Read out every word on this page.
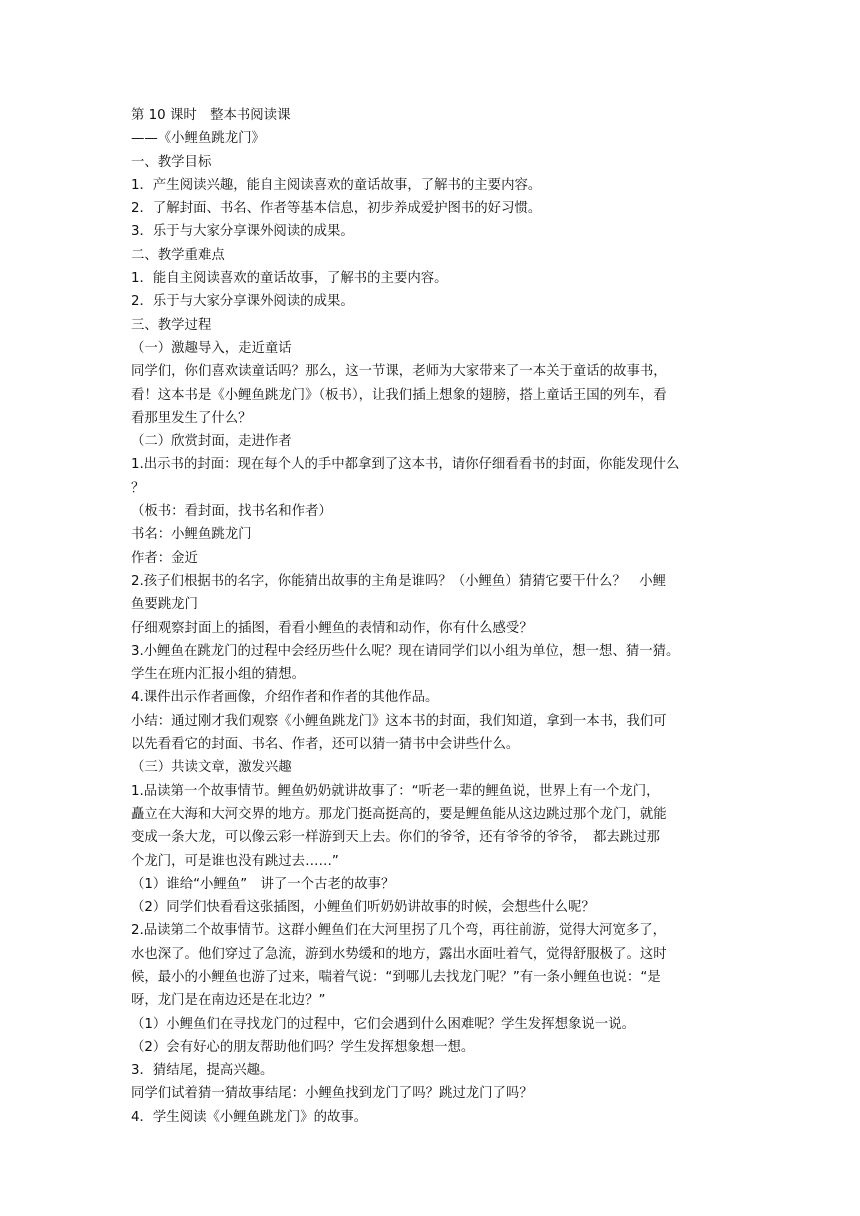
第 10 课时　整本书阅读课
——《小鲤鱼跳龙门》
一、教学目标
1．产生阅读兴趣，能自主阅读喜欢的童话故事，了解书的主要内容。
2．了解封面、书名、作者等基本信息，初步养成爱护图书的好习惯。
3．乐于与大家分享课外阅读的成果。
二、教学重难点
1．能自主阅读喜欢的童话故事，了解书的主要内容。
2．乐于与大家分享课外阅读的成果。
三、教学过程
（一）激趣导入，走近童话
同学们，你们喜欢读童话吗？那么，这一节课，老师为大家带来了一本关于童话的故事书，
看！这本书是《小鲤鱼跳龙门》（板书），让我们插上想象的翅膀，搭上童话王国的列车，看
看那里发生了什么？
（二）欣赏封面，走进作者
1.出示书的封面：现在每个人的手中都拿到了这本书，请你仔细看看书的封面，你能发现什么
？
（板书：看封面，找书名和作者）
书名：小鲤鱼跳龙门
作者：金近
2.孩子们根据书的名字，你能猜出故事的主角是谁吗？（小鲤鱼）猜猜它要干什么？　小鲤
鱼要跳龙门
仔细观察封面上的插图，看看小鲤鱼的表情和动作，你有什么感受？
3.小鲤鱼在跳龙门的过程中会经历些什么呢？现在请同学们以小组为单位，想一想、猜一猜。
学生在班内汇报小组的猜想。
4.课件出示作者画像，介绍作者和作者的其他作品。
小结：通过刚才我们观察《小鲤鱼跳龙门》这本书的封面，我们知道，拿到一本书，我们可
以先看看它的封面、书名、作者，还可以猜一猜书中会讲些什么。
（三）共读文章，激发兴趣
1.品读第一个故事情节。鲤鱼奶奶就讲故事了：“听老一辈的鲤鱼说，世界上有一个龙门，
矗立在大海和大河交界的地方。那龙门挺高挺高的，要是鲤鱼能从这边跳过那个龙门，就能
变成一条大龙，可以像云彩一样游到天上去。你们的爷爷，还有爷爷的爷爷，　都去跳过那
个龙门，可是谁也没有跳过去……”
（1）谁给“小鲤鱼”　讲了一个古老的故事？
（2）同学们快看看这张插图，小鲤鱼们听奶奶讲故事的时候，会想些什么呢？
2.品读第二个故事情节。这群小鲤鱼们在大河里拐了几个弯，再往前游，觉得大河宽多了，
水也深了。他们穿过了急流，游到水势缓和的地方，露出水面吐着气，觉得舒服极了。这时
候，最小的小鲤鱼也游了过来，喘着气说：“到哪儿去找龙门呢？”有一条小鲤鱼也说：“是
呀，龙门是在南边还是在北边？”
（1）小鲤鱼们在寻找龙门的过程中，它们会遇到什么困难呢？学生发挥想象说一说。
（2）会有好心的朋友帮助他们吗？学生发挥想象想一想。
3．猜结尾，提高兴趣。
同学们试着猜一猜故事结尾：小鲤鱼找到龙门了吗？跳过龙门了吗？
4．学生阅读《小鲤鱼跳龙门》的故事。
